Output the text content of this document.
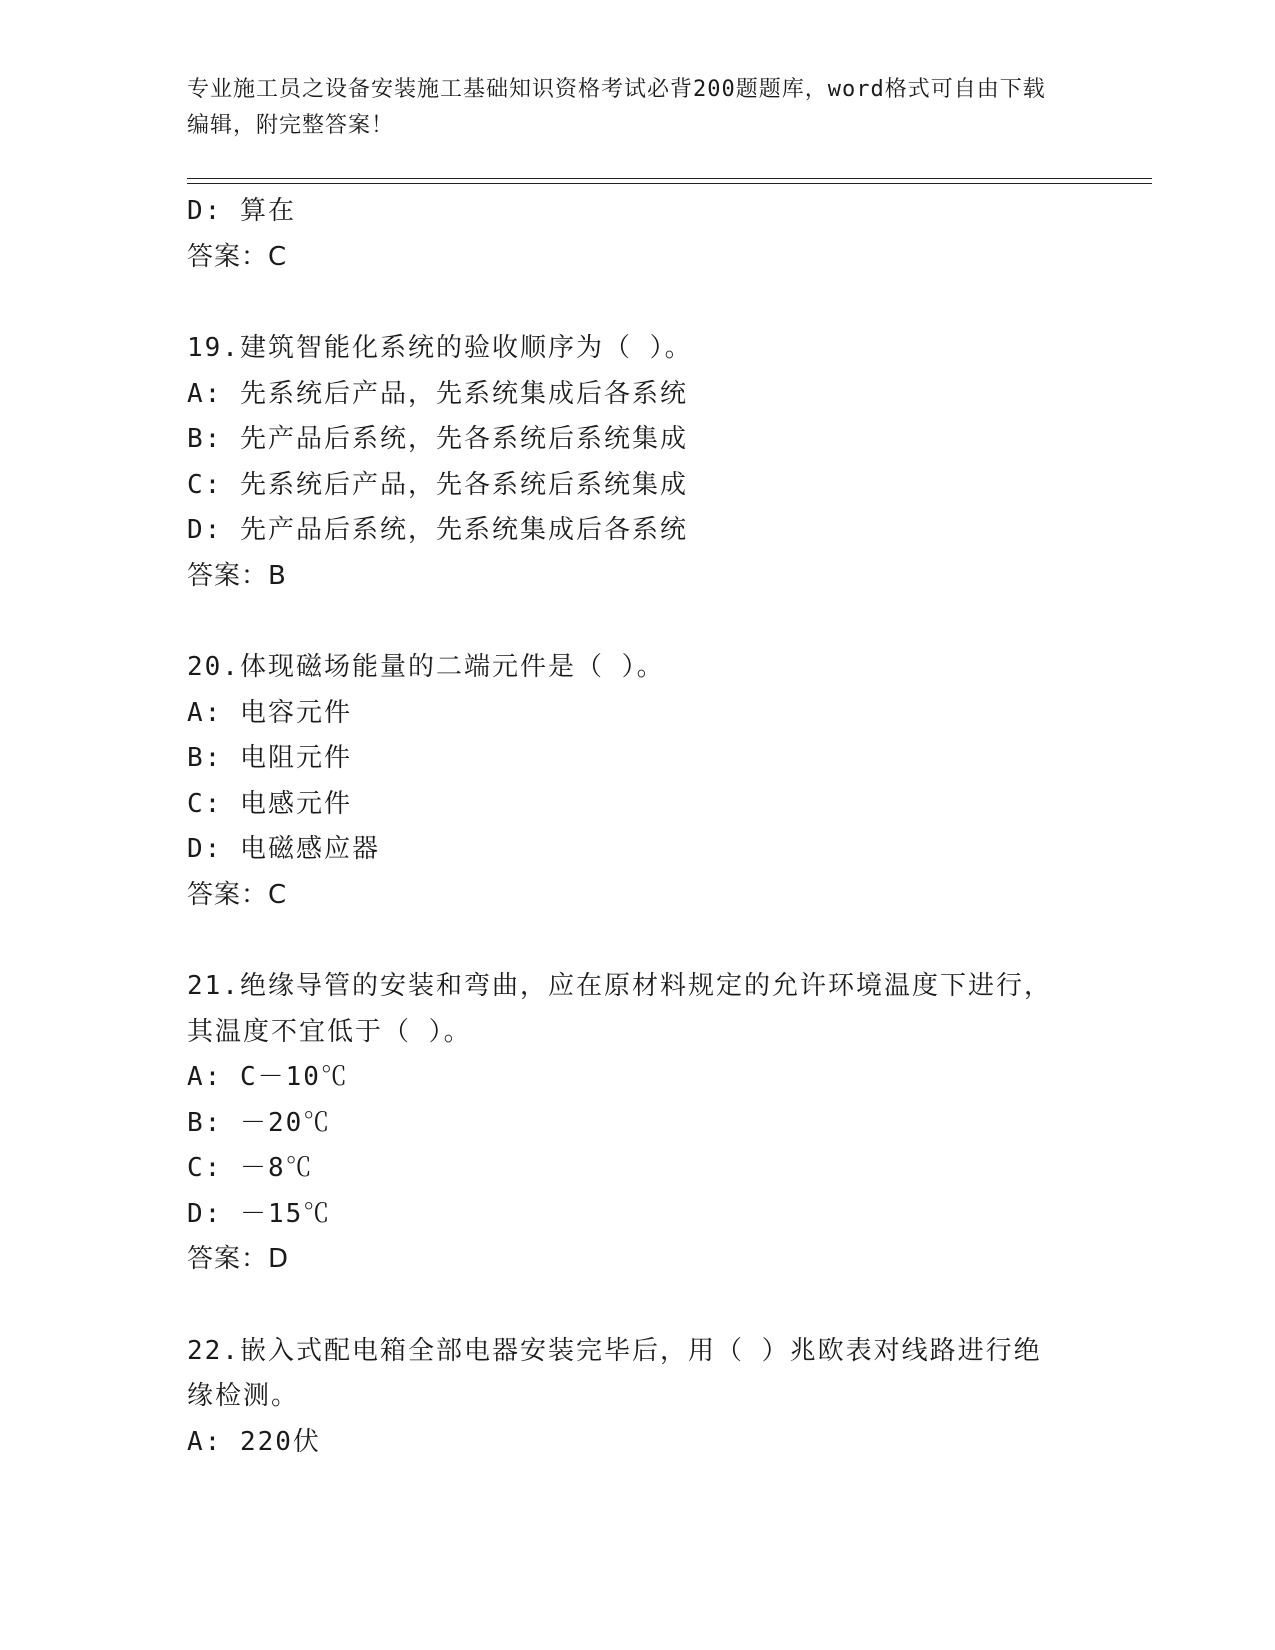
专业施工员之设备安装施工基础知识资格考试必背200题题库，word格式可自由下载编辑，附完整答案！
D: 算在
答案：C
19.建筑智能化系统的验收顺序为（ ）。
A: 先系统后产品，先系统集成后各系统
B: 先产品后系统，先各系统后系统集成
C: 先系统后产品，先各系统后系统集成
D: 先产品后系统，先系统集成后各系统
答案：B
20.体现磁场能量的二端元件是（ ）。
A: 电容元件
B: 电阻元件
C: 电感元件
D: 电磁感应器
答案：C
21.绝缘导管的安装和弯曲，应在原材料规定的允许环境温度下进行，其温度不宜低于（ ）。
A: C－10℃
B: －20℃
C: －8℃
D: －15℃
答案：D
22.嵌入式配电箱全部电器安装完毕后，用（ ）兆欧表对线路进行绝缘检测。
A: 220伏
